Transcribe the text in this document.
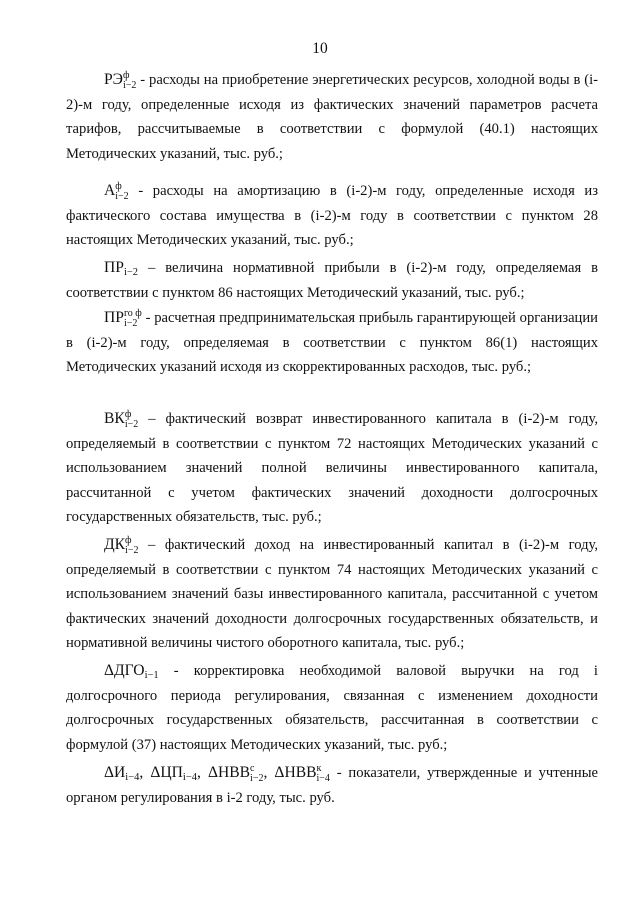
10

РЭ ф
i−2 - расходы на приобретение энергетических ресурсов, холодной воды в (i-2)-м году, определенные исходя из фактических значений параметров расчета тарифов, рассчитываемые в соответствии с формулой (40.1) настоящих Методических указаний, тыс. руб.;

А ф
i−2 - расходы на амортизацию в (i-2)-м году, определенные исходя из фактического состава имущества в (i-2)-м году в соответствии с пунктом 28 настоящих Методических указаний, тыс. руб.;

$ПР_{i-2}$ – величина нормативной прибыли в (i-2)-м году, определяемая в соответствии с пунктом 86 настоящих Методический указаний, тыс. руб.;

ПР го ф
i−2 - расчетная предпринимательская прибыль гарантирующей организации в (i-2)-м году, определяемая в соответствии с пунктом 86(1) настоящих Методических указаний исходя из скорректированных расходов, тыс. руб.;

ВК ф
i−2 – фактический возврат инвестированного капитала в (i-2)-м году, определяемый в соответствии с пунктом 72 настоящих Методических указаний с использованием значений полной величины инвестированного капитала, рассчитанной с учетом фактических значений доходности долгосрочных государственных обязательств, тыс. руб.;

ДК ф
i−2 – фактический доход на инвестированный капитал в (i-2)-м году, определяемый в соответствии с пунктом 74 настоящих Методических указаний с использованием значений базы инвестированного капитала, рассчитанной с учетом фактических значений доходности долгосрочных государственных обязательств, и нормативной величины чистого оборотного капитала, тыс. руб.;

$\Delta ДГО_{i-1}$ - корректировка необходимой валовой выручки на год i долгосрочного периода регулирования, связанная с изменением доходности долгосрочных государственных обязательств, рассчитанная в соответствии с формулой (37) настоящих Методических указаний, тыс. руб.;

$\Delta И_{i-4}$, $\Delta ЦП_{i-4}$, ΔНВВ с
i−2 , ΔНВВ к
i−4 - показатели, утвержденные и учтенные органом регулирования в i-2 году, тыс. руб.
